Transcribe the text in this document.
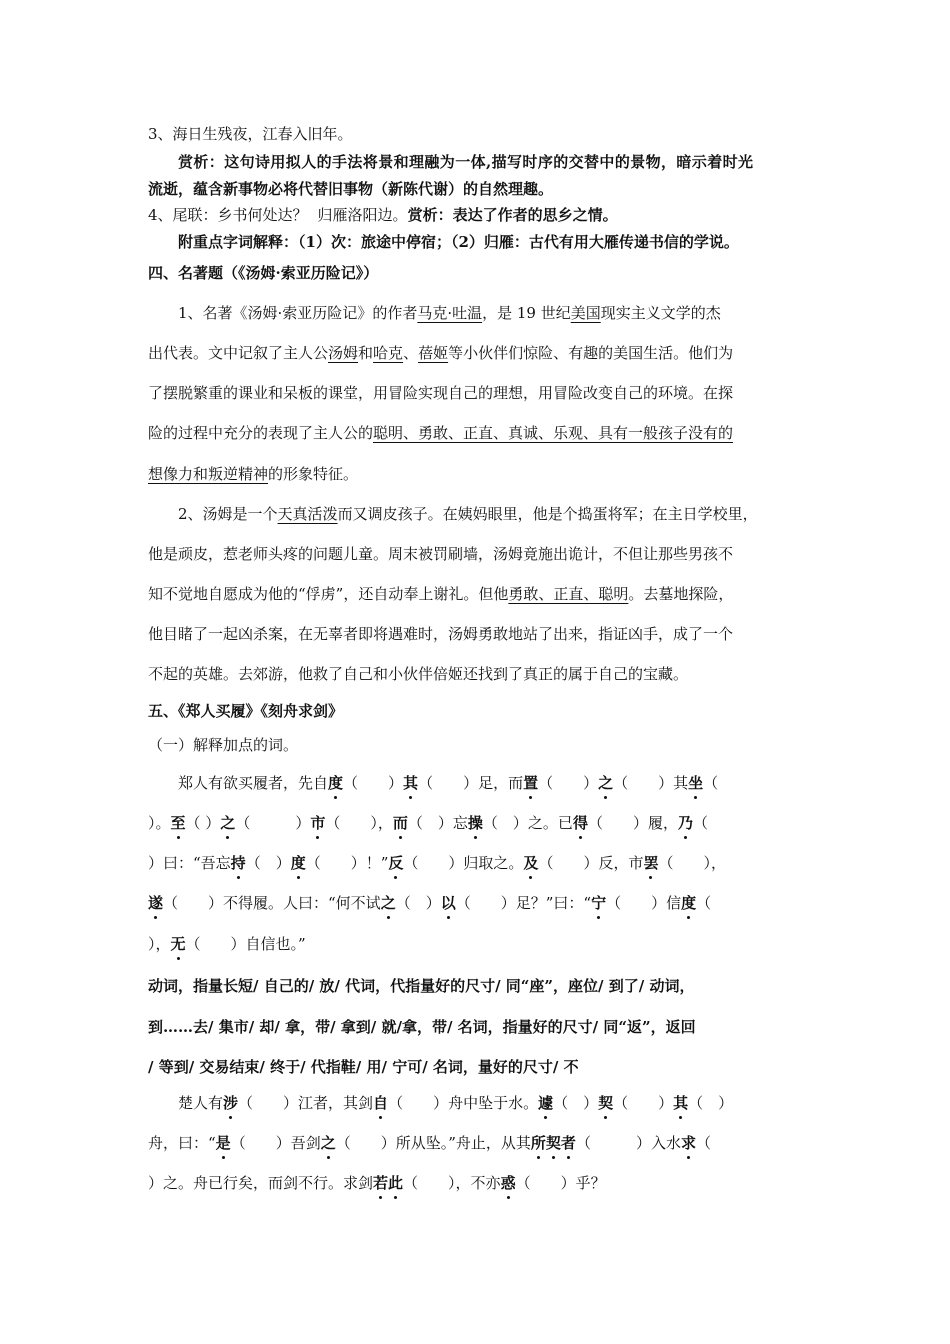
3、海日生残夜，江春入旧年。
赏析：这句诗用拟人的手法将景和理融为一体,描写时序的交替中的景物，暗示着时光
流逝，蕴含新事物必将代替旧事物（新陈代谢）的自然理趣。
4、尾联：乡书何处达？ 归雁洛阳边。赏析：表达了作者的思乡之情。
附重点字词解释：（1）次：旅途中停宿；（2）归雁：古代有用大雁传递书信的学说。
四、名著题（《汤姆·索亚历险记》）
1、名著《汤姆·索亚历险记》的作者马克·吐温，是 19 世纪美国现实主义文学的杰
出代表。文中记叙了主人公汤姆和哈克、蓓姬等小伙伴们惊险、有趣的美国生活。他们为
了摆脱繁重的课业和呆板的课堂，用冒险实现自己的理想，用冒险改变自己的环境。在探
险的过程中充分的表现了主人公的聪明、勇敢、正直、真诚、乐观、具有一般孩子没有的
想像力和叛逆精神的形象特征。
2、汤姆是一个天真活泼而又调皮孩子。在姨妈眼里，他是个捣蛋将军；在主日学校里，
他是顽皮，惹老师头疼的问题儿童。周末被罚刷墙，汤姆竟施出诡计，不但让那些男孩不
知不觉地自愿成为他的“俘虏”，还自动奉上谢礼。但他勇敢、正直、聪明。去墓地探险，
他目睹了一起凶杀案，在无辜者即将遇难时，汤姆勇敢地站了出来，指证凶手，成了一个
不起的英雄。去郊游，他救了自己和小伙伴倍姬还找到了真正的属于自己的宝藏。
五、《郑人买履》《刻舟求剑》
（一）解释加点的词。
郑人有欲买履者，先自度（　　）其（　　）足，而置（　　）之（　　）其坐（
）。至（ ）之（　　　）市（　　），而（　）忘操（　）之。已得（　　）履，乃（
）曰：“吾忘持（　）度（　　）！”反（　　）归取之。及（　　）反，市罢（　　），
遂（　　）不得履。人曰：“何不试之（　）以（　　）足？”曰：“宁（　　）信度（
），无（　　）自信也。”
动词，指量长短/ 自己的/ 放/ 代词，代指量好的尺寸/ 同“座”，座位/ 到了/ 动词，
到……去/ 集市/ 却/ 拿，带/ 拿到/ 就/拿，带/ 名词，指量好的尺寸/ 同“返”，返回
/ 等到/ 交易结束/ 终于/ 代指鞋/ 用/ 宁可/ 名词，量好的尺寸/ 不
楚人有涉（　　）江者，其剑自（　　）舟中坠于水。遽（　）契（　　）其（　）
舟，曰：“是（　　）吾剑之（　　）所从坠。”舟止，从其所契者（　　　）入水求（
）之。舟已行矣，而剑不行。求剑若此（　　），不亦惑（　　）乎？
